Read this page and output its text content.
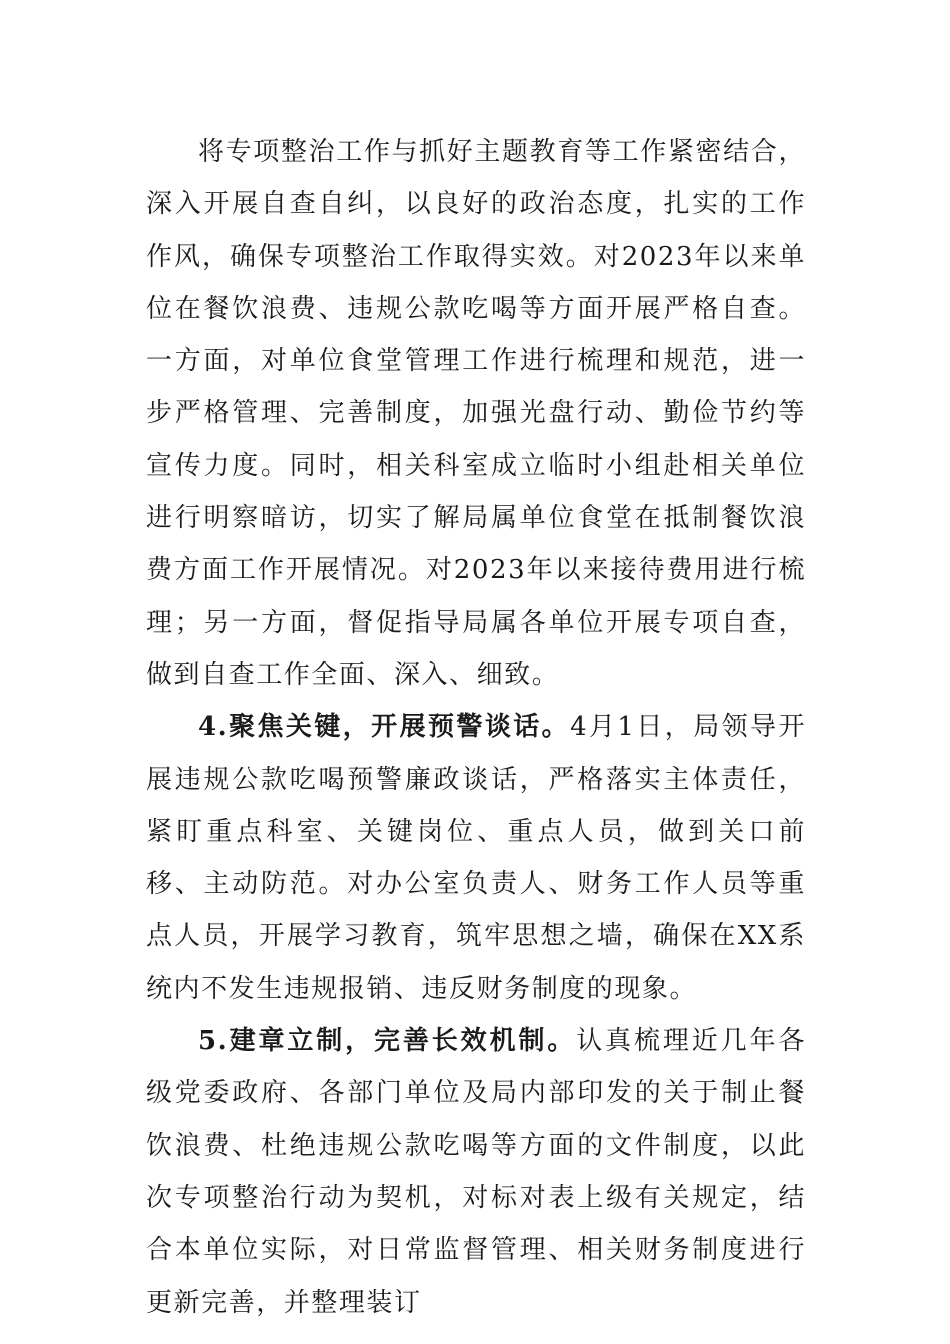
将专项整治工作与抓好主题教育等工作紧密结合，深入开展自查自纠，以良好的政治态度，扎实的工作作风，确保专项整治工作取得实效。对2023年以来单位在餐饮浪费、违规公款吃喝等方面开展严格自查。一方面，对单位食堂管理工作进行梳理和规范，进一步严格管理、完善制度，加强光盘行动、勤俭节约等宣传力度。同时，相关科室成立临时小组赴相关单位进行明察暗访，切实了解局属单位食堂在抵制餐饮浪费方面工作开展情况。对2023年以来接待费用进行梳理；另一方面，督促指导局属各单位开展专项自查，做到自查工作全面、深入、细致。

4.聚焦关键，开展预警谈话。4月1日，局领导开展违规公款吃喝预警廉政谈话，严格落实主体责任，紧盯重点科室、关键岗位、重点人员，做到关口前移、主动防范。对办公室负责人、财务工作人员等重点人员，开展学习教育，筑牢思想之墙，确保在XX系统内不发生违规报销、违反财务制度的现象。

5.建章立制，完善长效机制。认真梳理近几年各级党委政府、各部门单位及局内部印发的关于制止餐饮浪费、杜绝违规公款吃喝等方面的文件制度，以此次专项整治行动为契机，对标对表上级有关规定，结合本单位实际，对日常监督管理、相关财务制度进行更新完善，并整理装订
